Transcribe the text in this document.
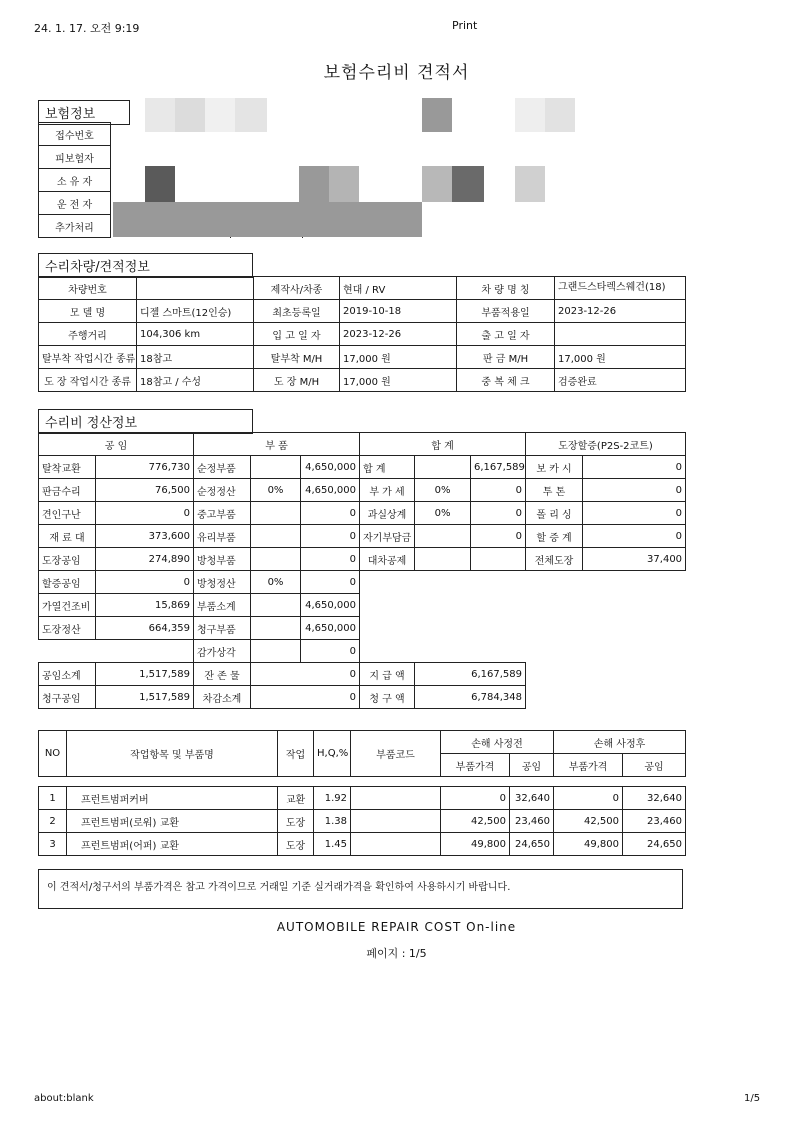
24. 1. 17. 오전 9:19	Print
보험수리비 견적서
보험정보
접수번호			
피보험자			
소 유 자			
운 전 자			
추가처리			
수리차량/견적정보
차량번호		제작사/차종	현대 / RV	차 량 명 칭	그랜드스타렉스웨건(18)
모 델 명	디젤 스마트(12인승)	최초등록일	2019-10-18	부품적용일	2023-12-26
주행거리	104,306 km	입 고 일 자	2023-12-26	출 고 일 자	
탈부착 작업시간 종류	18참고	탈부착 M/H	17,000 원	판 금 M/H	17,000 원
도 장 작업시간 종류	18참고 / 수성	도 장 M/H	17,000 원	중 복 체 크	검증완료
수리비 정산정보
공 임		부 품			합 계			도장할증(P2S-2코트)	
탈착교환	776,730	순정부품		4,650,000	합 계		6,167,589	보 카 시	0
판금수리	76,500	순정정산	0%	4,650,000	부 가 세	0%	0	투 톤	0
견인구난	0	중고부품		0	과실상계	0%	0	폴 리 싱	0
재 료 대	373,600	유리부품		0	자기부담금		0	할 증 계	0
도장공임	274,890	방청부품		0	대차공제			전체도장	37,400
할증공임	0	방청정산	0%	0					
가열건조비	15,869	부품소계		4,650,000					
도장정산	664,359	청구부품		4,650,000					
		감가상각		0					
공임소계	1,517,589	잔 존 물	0		지 급 액	6,167,589			
청구공임	1,517,589	차감소계	0		청 구 액	6,784,348			
NO	작업항목 및 부품명	작업	H,Q,%	부품코드	손해 사정전		손해 사정후	
					부품가격	공임	부품가격	공임

1	프런트범퍼커버	교환	1.92		0	32,640	0	32,640
2	프런트범퍼(로워) 교환	도장	1.38		42,500	23,460	42,500	23,460
3	프런트범퍼(어퍼) 교환	도장	1.45		49,800	24,650	49,800	24,650
이 견적서/청구서의 부품가격은 참고 가격이므로 거래일 기준 실거래가격을 확인하여 사용하시기 바랍니다.
AUTOMOBILE REPAIR COST On-line
페이지 : 1/5
about:blank	1/5
